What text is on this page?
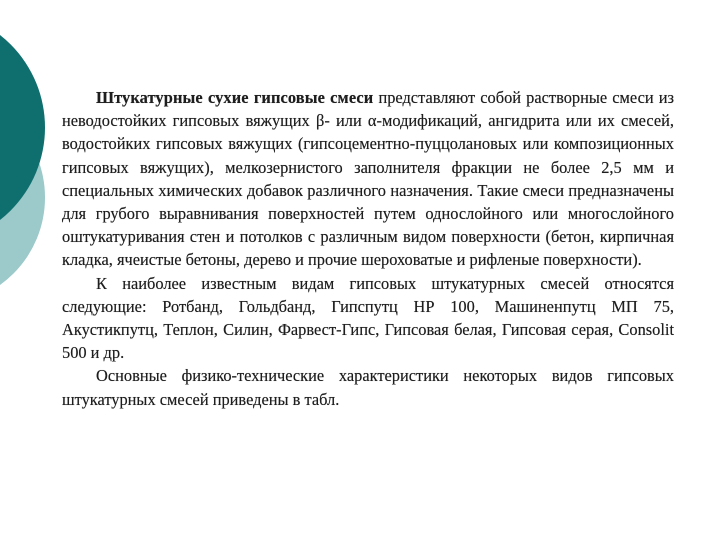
Штукатурные сухие гипсовые смеси представляют собой растворные смеси из неводостойких гипсовых вяжущих β- или α-модификаций, ангидрита или их смесей, водостойких гипсовых вяжущих (гипсоцементно-пуццолановых или композиционных гипсовых вяжущих), мелкозернистого заполнителя фракции не более 2,5 мм и специальных химических добавок различного назначения. Такие смеси предназначены для грубого выравнивания поверхностей путем однослойного или многослойного оштукатуривания стен и потолков с различным видом поверхности (бетон, кирпичная кладка, ячеистые бетоны, дерево и прочие шероховатые и рифленые поверхности).

К наиболее известным видам гипсовых штукатурных смесей относятся следующие: Ротбанд, Гольдбанд, Гипспутц НР 100, Машиненпутц МП 75, Акустикпутц, Теплон, Силин, Фарвест-Гипс, Гипсовая белая, Гипсовая серая, Consolit 500 и др.

Основные физико-технические характеристики некоторых видов гипсовых штукатурных смесей приведены в табл.
